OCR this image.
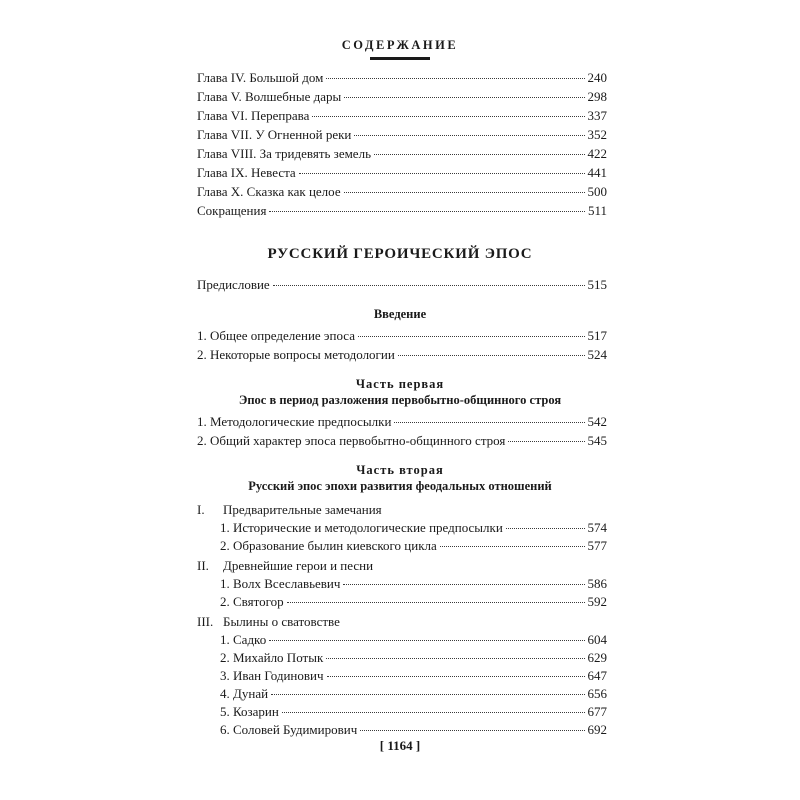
СОДЕРЖАНИЕ
Глава IV. Большой дом	240
Глава V. Волшебные дары	298
Глава VI. Переправа	337
Глава VII. У Огненной реки	352
Глава VIII. За тридевять земель	422
Глава IX. Невеста	441
Глава X. Сказка как целое	500
Сокращения	511
РУССКИЙ ГЕРОИЧЕСКИЙ ЭПОС
Предисловие	515
Введение
1. Общее определение эпоса	517
2. Некоторые вопросы методологии	524
Часть первая
Эпос в период разложения первобытно-общинного строя
1. Методологические предпосылки	542
2. Общий характер эпоса первобытно-общинного строя	545
Часть вторая
Русский эпос эпохи развития феодальных отношений
I. Предварительные замечания
1. Исторические и методологические предпосылки	574
2. Образование былин киевского цикла	577
II. Древнейшие герои и песни
1. Волх Всеславьевич	586
2. Святогор	592
III. Былины о сватовстве
1. Садко	604
2. Михайло Потык	629
3. Иван Годинович	647
4. Дунай	656
5. Козарин	677
6. Соловей Будимирович	692
[ 1164 ]
